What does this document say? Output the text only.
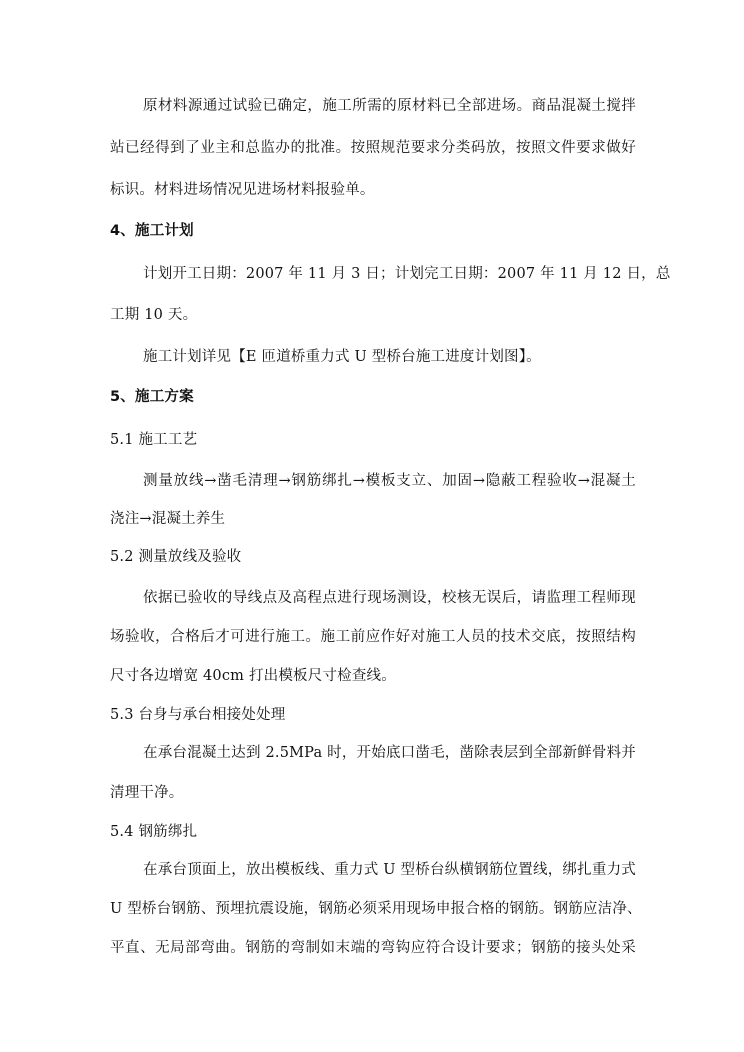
原材料源通过试验已确定，施工所需的原材料已全部进场。商品混凝土搅拌
站已经得到了业主和总监办的批准。按照规范要求分类码放，按照文件要求做好
标识。材料进场情况见进场材料报验单。
4、施工计划
计划开工日期：2007 年 11 月 3 日；计划完工日期：2007 年 11 月 12 日，总
工期 10 天。
施工计划详见【E 匝道桥重力式 U 型桥台施工进度计划图】。
5、施工方案
5.1 施工工艺
测量放线→凿毛清理→钢筋绑扎→模板支立、加固→隐蔽工程验收→混凝土
浇注→混凝土养生
5.2 测量放线及验收
依据已验收的导线点及高程点进行现场测设，校核无误后，请监理工程师现
场验收，合格后才可进行施工。施工前应作好对施工人员的技术交底，按照结构
尺寸各边增宽 40cm 打出模板尺寸检查线。
5.3 台身与承台相接处处理
在承台混凝土达到 2.5MPa 时，开始底口凿毛，凿除表层到全部新鲜骨料并
清理干净。
5.4 钢筋绑扎
在承台顶面上，放出模板线、重力式 U 型桥台纵横钢筋位置线，绑扎重力式
U 型桥台钢筋、预埋抗震设施，钢筋必须采用现场申报合格的钢筋。钢筋应洁净、
平直、无局部弯曲。钢筋的弯制如末端的弯钩应符合设计要求；钢筋的接头处采
